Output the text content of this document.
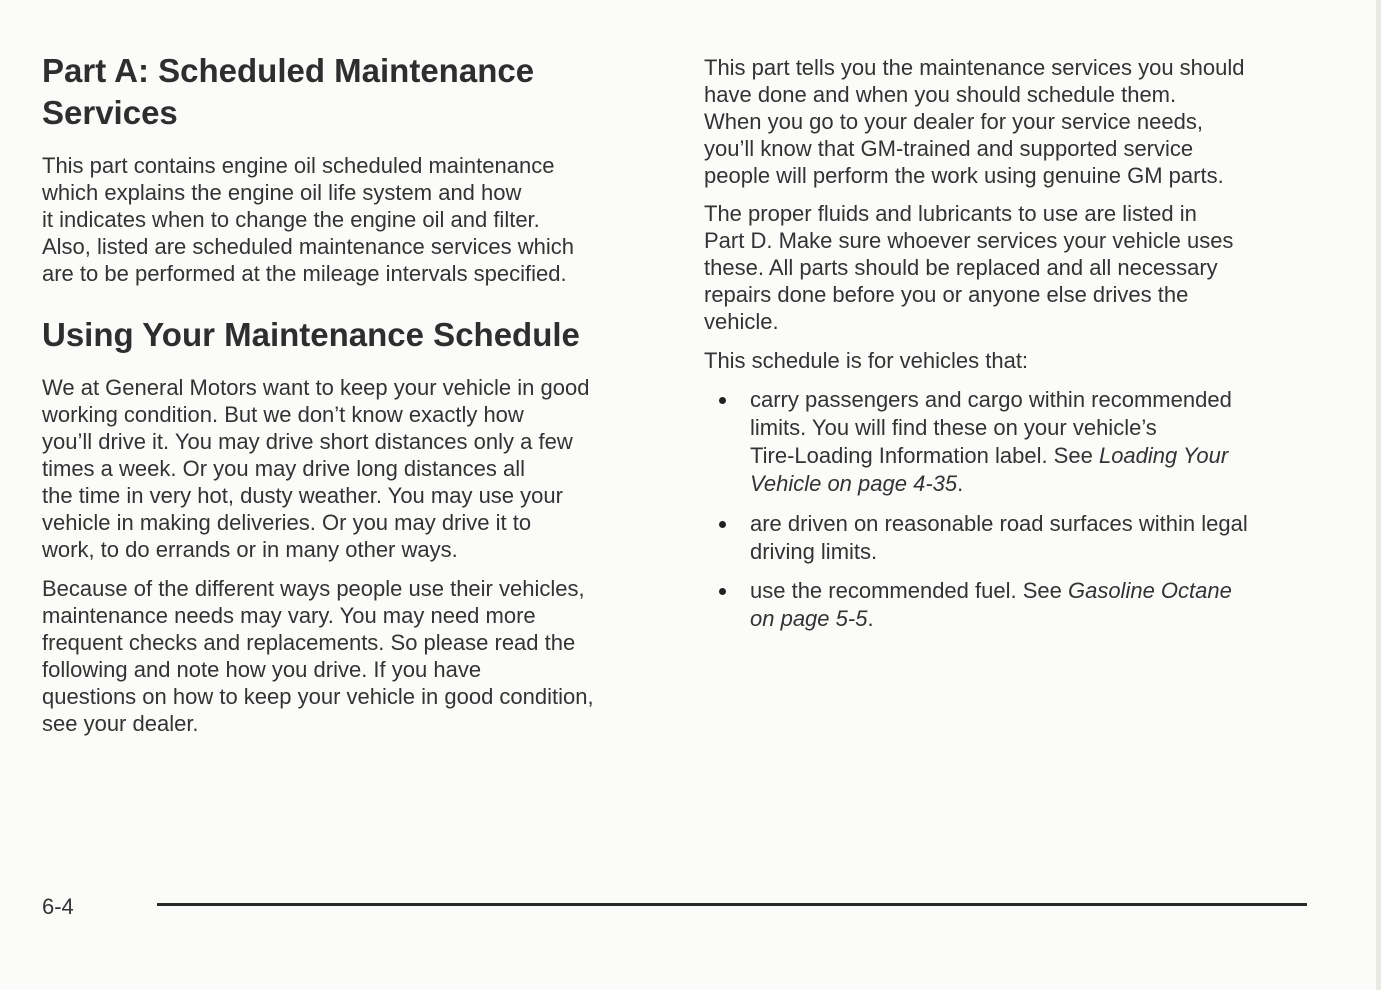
Part A: Scheduled Maintenance
Services

This part contains engine oil scheduled maintenance
which explains the engine oil life system and how
it indicates when to change the engine oil and filter.
Also, listed are scheduled maintenance services which
are to be performed at the mileage intervals specified.

Using Your Maintenance Schedule

We at General Motors want to keep your vehicle in good
working condition. But we don’t know exactly how
you’ll drive it. You may drive short distances only a few
times a week. Or you may drive long distances all
the time in very hot, dusty weather. You may use your
vehicle in making deliveries. Or you may drive it to
work, to do errands or in many other ways.

Because of the different ways people use their vehicles,
maintenance needs may vary. You may need more
frequent checks and replacements. So please read the
following and note how you drive. If you have
questions on how to keep your vehicle in good condition,
see your dealer.

This part tells you the maintenance services you should
have done and when you should schedule them.
When you go to your dealer for your service needs,
you’ll know that GM-trained and supported service
people will perform the work using genuine GM parts.

The proper fluids and lubricants to use are listed in
Part D. Make sure whoever services your vehicle uses
these. All parts should be replaced and all necessary
repairs done before you or anyone else drives the
vehicle.

This schedule is for vehicles that:

carry passengers and cargo within recommended
limits. You will find these on your vehicle’s
Tire-Loading Information label. See Loading Your
Vehicle on page 4-35.
are driven on reasonable road surfaces within legal
driving limits.
use the recommended fuel. See Gasoline Octane
on page 5-5.
6-4
